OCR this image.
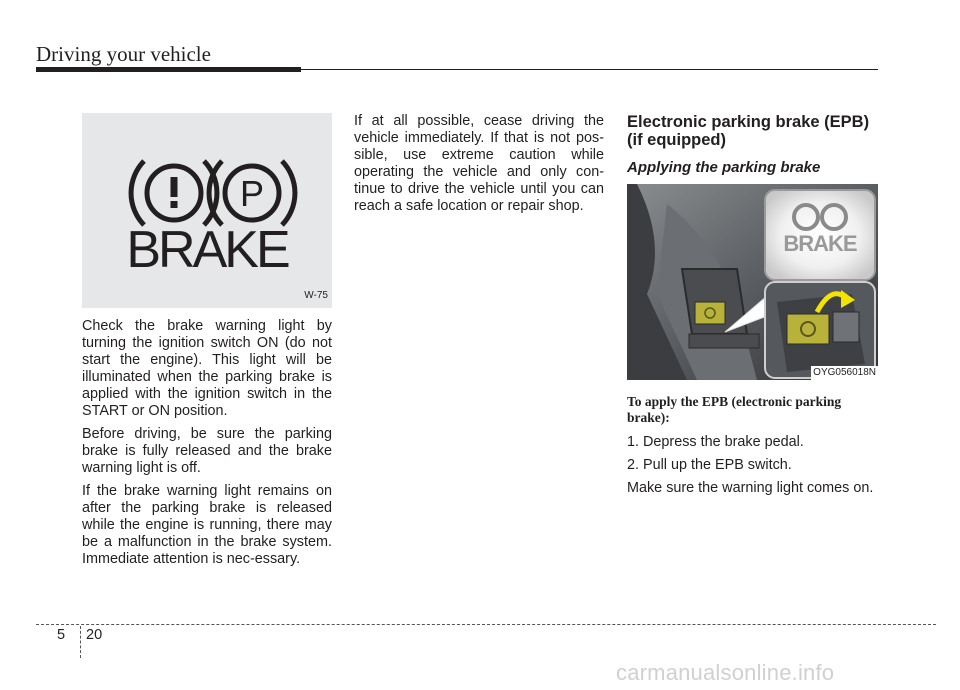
Driving your vehicle
P
BRAKE
W-75

Check the brake warning light by turning the ignition switch ON (do not start the engine). This light will be illuminated when the parking brake is applied with the ignition switch in the START or ON position.

Before driving, be sure the parking brake is fully released and the brake warning light is off.

If the brake warning light remains on after the parking brake is released while the engine is running, there may be a malfunction in the brake system. Immediate attention is nec-essary.

If at all possible, cease driving the vehicle immediately. If that is not pos-sible, use extreme caution while operating the vehicle and only con-tinue to drive the vehicle until you can reach a safe location or repair shop.

Electronic parking brake (EPB) (if equipped)
Applying the parking brake
BRAKE
OYG056018N
To apply the EPB (electronic parking brake):

1. Depress the brake pedal.

2. Pull up the EPB switch.

Make sure the warning light comes on.

5 20
carmanualsonline.info
